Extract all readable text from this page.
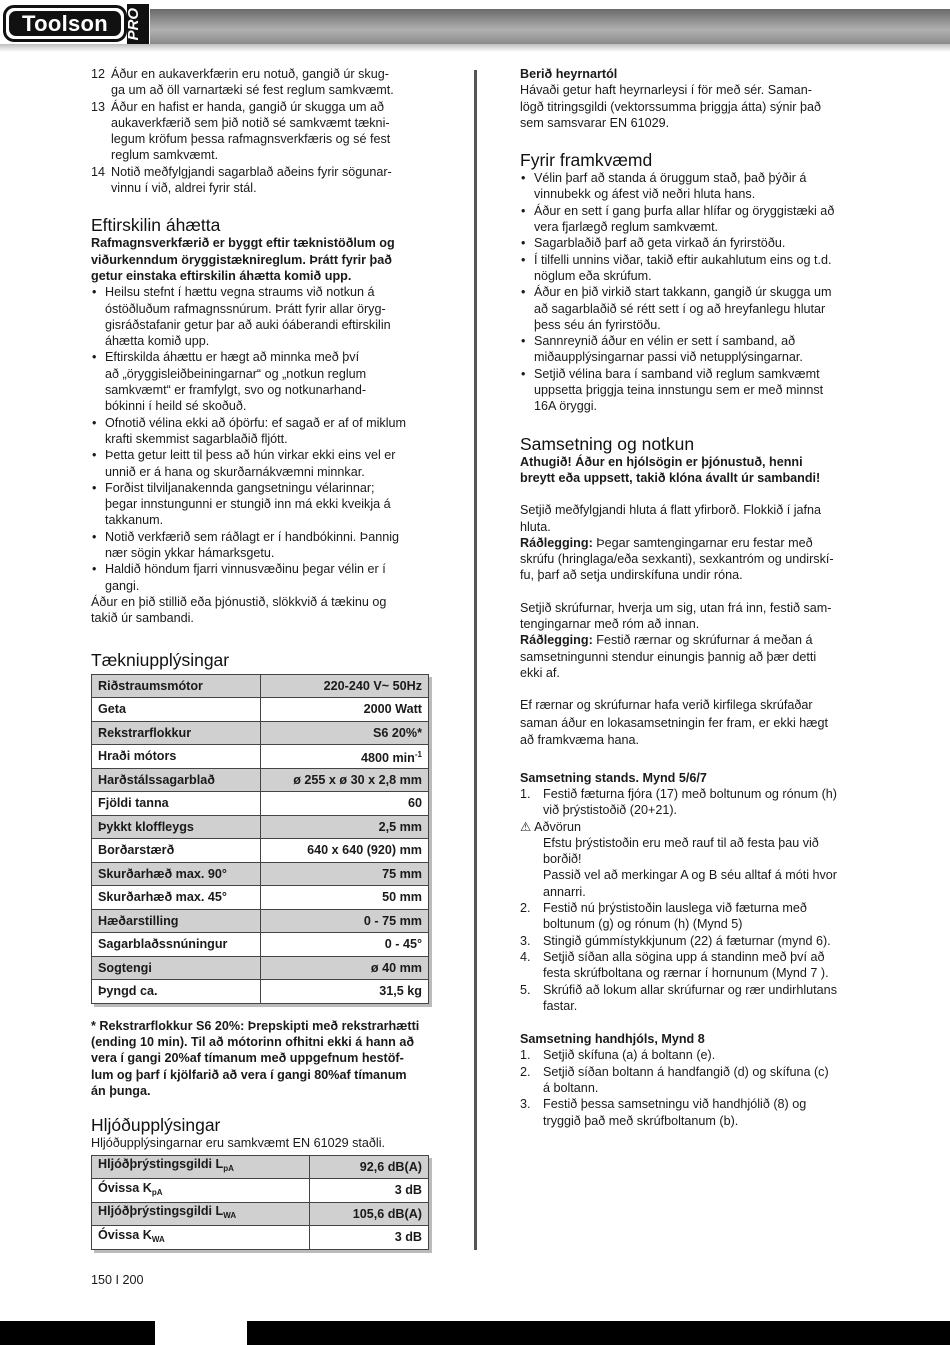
Toolson ® PRO
12 Áður en aukaverkfærin eru notuð, gangið úr skug-
ga um að öll varnartæki sé fest reglum samkvæmt.
13 Áður en hafist er handa, gangið úr skugga um að
aukaverkfærið sem þið notið sé samkvæmt tækni-
legum kröfum þessa rafmagnsverkfæris og sé fest
reglum samkvæmt.
14 Notið meðfylgjandi sagarblað aðeins fyrir sögunar-
vinnu í við, aldrei fyrir stál.
Eftirskilin áhætta
Rafmagnsverkfærið er byggt eftir tæknistöðlum og
viðurkenndum öryggistæknireglum. Þrátt fyrir það
getur einstaka eftirskilin áhætta komið upp.
• Heilsu stefnt í hættu vegna straums við notkun á
óstöðluðum rafmagnssnúrum. Þrátt fyrir allar öryg-
gisráðstafanir getur þar að auki óáberandi eftirskilin
áhætta komið upp.
• Eftirskilda áhættu er hægt að minnka með því
að „öryggisleiðbeiningarnar“ og „notkun reglum
samkvæmt“ er framfylgt, svo og notkunarhand-
bókinni í heild sé skoðuð.
• Ofnotið vélina ekki að óþörfu: ef sagað er af of miklum
krafti skemmist sagarblaðið fljótt.
• Þetta getur leitt til þess að hún virkar ekki eins vel er
unnið er á hana og skurðarnákvæmni minnkar.
• Forðist tilviljanakennda gangsetningu vélarinnar;
þegar innstungunni er stungið inn má ekki kveikja á
takkanum.
• Notið verkfærið sem ráðlagt er í handbókinni. Þannig
nær sögin ykkar hámarksgetu.
• Haldið höndum fjarri vinnusvæðinu þegar vélin er í
gangi.
Áður en þið stillið eða þjónustið, slökkvið á tækinu og
takið úr sambandi.
Tækniupplýsingar
Riðstraumsmótor	220-240 V~ 50Hz
Geta	2000 Watt
Rekstrarflokkur	S6 20%*
Hraði mótors	4800 $\min^{-1}$
Harðstálssagarblað	ø 255 x ø 30 x 2,8 mm
Fjöldi tanna	60
Þykkt kloffleygs	2,5 mm
Borðarstærð	640 x 640 (920) mm
Skurðarhæð max. 90°	75 mm
Skurðarhæð max. 45°	50 mm
Hæðarstilling	0 - 75 mm
Sagarblaðssnúningur	0 - 45°
Sogtengi	ø 40 mm
Þyngd ca.	31,5 kg
* Rekstrarflokkur S6 20%: Þrepskipti með rekstrarhætti
(ending 10 min). Til að mótorinn ofhitni ekki á hann að
vera í gangi 20%af tímanum með uppgefnum hestöf-
lum og þarf í kjölfarið að vera í gangi 80%af tímanum
án þunga.
Hljóðupplýsingar
Hljóðupplýsingarnar eru samkvæmt EN 61029 staðli.
Hljóðþrýstingsgildi $L_{pA}$	92,6 dB(A)
Óvissa $K_{pA}$	3 dB
Hljóðþrýstingsgildi $L_{WA}$	105,6 dB(A)
Óvissa $K_{WA}$	3 dB
Berið heyrnartól
Hávaði getur haft heyrnarleysi í för með sér. Saman-
lögð titringsgildi (vektorssumma þriggja átta) sýnir það
sem samsvarar EN 61029.
Fyrir framkvæmd
• Vélin þarf að standa á öruggum stað, það þýðir á
vinnubekk og áfest við neðri hluta hans.
• Áður en sett í gang þurfa allar hlífar og öryggistæki að
vera fjarlægð reglum samkvæmt.
• Sagarblaðið þarf að geta virkað án fyrirstöðu.
• Í tilfelli unnins viðar, takið eftir aukahlutum eins og t.d.
nöglum eða skrúfum.
• Áður en þið virkið start takkann, gangið úr skugga um
að sagarblaðið sé rétt sett í og að hreyfanlegu hlutar
þess séu án fyrirstöðu.
• Sannreynið áður en vélin er sett í samband, að
miðaupplýsingarnar passi við netupplýsingarnar.
• Setjið vélina bara í samband við reglum samkvæmt
uppsetta þriggja teina innstungu sem er með minnst
16A öryggi.
Samsetning og notkun
Athugið! Áður en hjólsögin er þjónustuð, henni
breytt eða uppsett, takið klóna ávallt úr sambandi!
Setjið meðfylgjandi hluta á flatt yfirborð. Flokkið í jafna
hluta.
Ráðlegging: Þegar samtengingarnar eru festar með
skrúfu (hringlaga/eða sexkanti), sexkantróm og undirskí-
fu, þarf að setja undirskífuna undir róna.
Setjið skrúfurnar, hverja um sig, utan frá inn, festið sam-
tengingarnar með róm að innan.
Ráðlegging: Festið rærnar og skrúfurnar á meðan á
samsetningunni stendur einungis þannig að þær detti
ekki af.
Ef rærnar og skrúfurnar hafa verið kirfilega skrúfaðar
saman áður en lokasamsetningin fer fram, er ekki hægt
að framkvæma hana.
Samsetning stands. Mynd 5/6/7
1. Festið fæturna fjóra (17) með boltunum og rónum (h)
við þrýstistoðið (20+21).
⚠ Aðvörun
Efstu þrýstistoðin eru með rauf til að festa þau við
borðið!
Passið vel að merkingar A og B séu alltaf á móti hvor
annarri.
2. Festið nú þrýstistoðin lauslega við fæturna með
boltunum (g) og rónum (h) (Mynd 5)
3. Stingið gúmmístykkjunum (22) á fæturnar (mynd 6).
4. Setjið síðan alla sögina upp á standinn með því að
festa skrúfboltana og rærnar í hornunum (Mynd 7 ).
5. Skrúfið að lokum allar skrúfurnar og rær undirhlutans
fastar.
Samsetning handhjóls, Mynd 8
1. Setjið skífuna (a) á boltann (e).
2. Setjið síðan boltann á handfangið (d) og skífuna (c)
á boltann.
3. Festið þessa samsetningu við handhjólið (8) og
tryggið það með skrúfboltanum (b).
150 I 200
